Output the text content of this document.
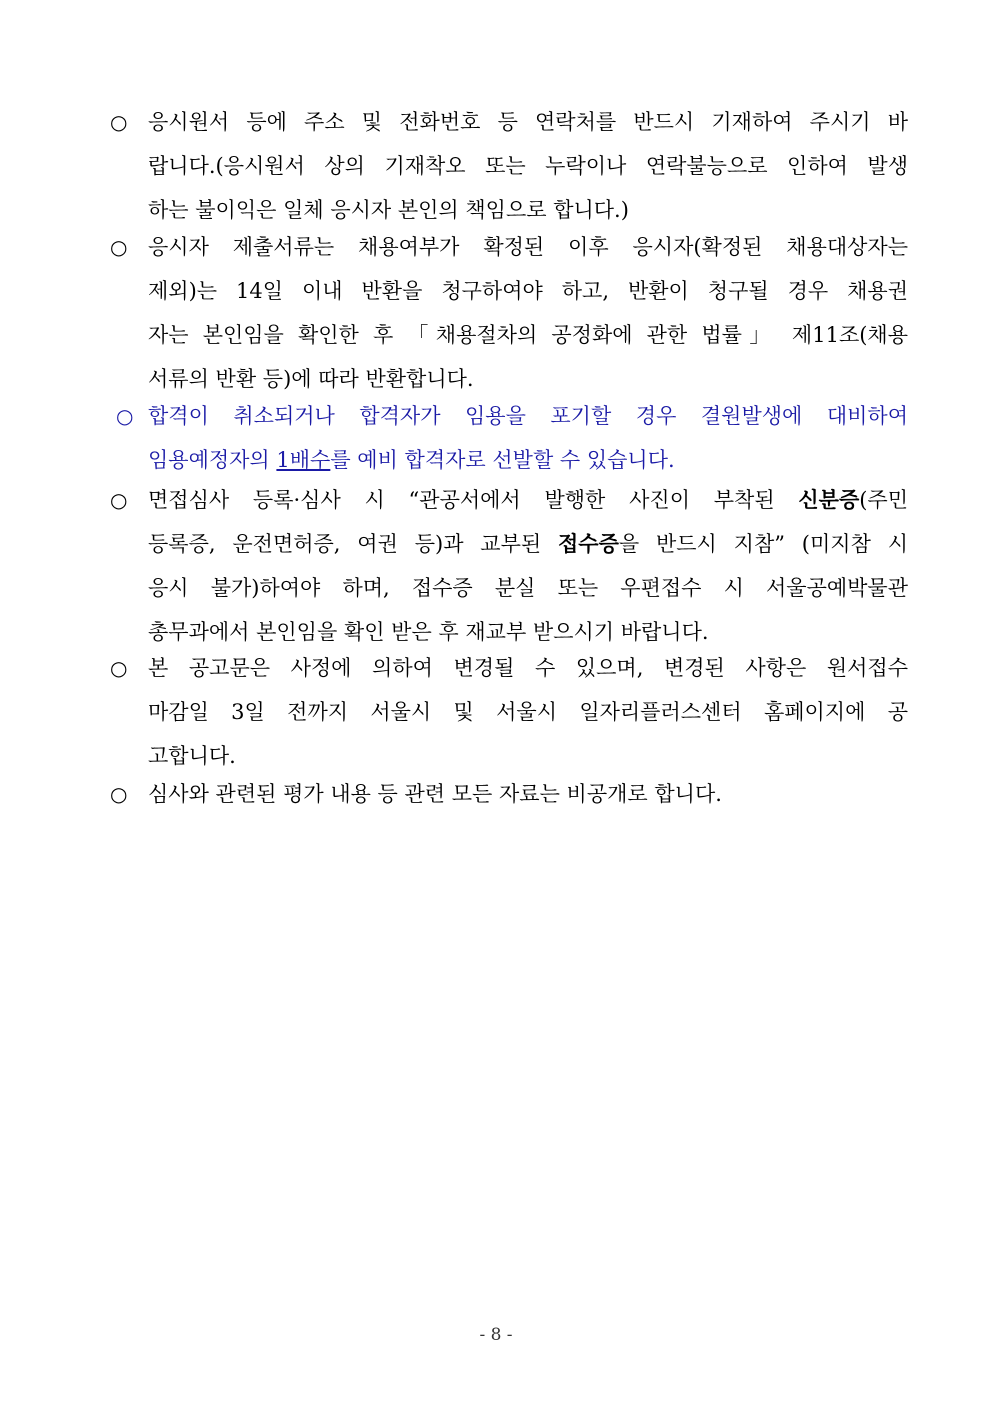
○ 응시원서 등에 주소 및 전화번호 등 연락처를 반드시 기재하여 주시기 바
랍니다.(응시원서 상의 기재착오 또는 누락이나 연락불능으로 인하여 발생
하는 불이익은 일체 응시자 본인의 책임으로 합니다.)
○ 응시자 제출서류는 채용여부가 확정된 이후 응시자(확정된 채용대상자는
제외)는 14일 이내 반환을 청구하여야 하고, 반환이 청구될 경우 채용권
자는 본인임을 확인한 후 「채용절차의 공정화에 관한 법률」 제11조(채용
서류의 반환 등)에 따라 반환합니다.
○ 합격이 취소되거나 합격자가 임용을 포기할 경우 결원발생에 대비하여
임용예정자의 1배수를 예비 합격자로 선발할 수 있습니다.
○ 면접심사 등록·심사 시 “관공서에서 발행한 사진이 부착된 신분증(주민
등록증, 운전면허증, 여권 등)과 교부된 접수증을 반드시 지참” (미지참 시
응시 불가)하여야 하며, 접수증 분실 또는 우편접수 시 서울공예박물관
총무과에서 본인임을 확인 받은 후 재교부 받으시기 바랍니다.
○ 본 공고문은 사정에 의하여 변경될 수 있으며, 변경된 사항은 원서접수
마감일 3일 전까지 서울시 및 서울시 일자리플러스센터 홈페이지에 공
고합니다.
○ 심사와 관련된 평가 내용 등 관련 모든 자료는 비공개로 합니다.
- 8 -
